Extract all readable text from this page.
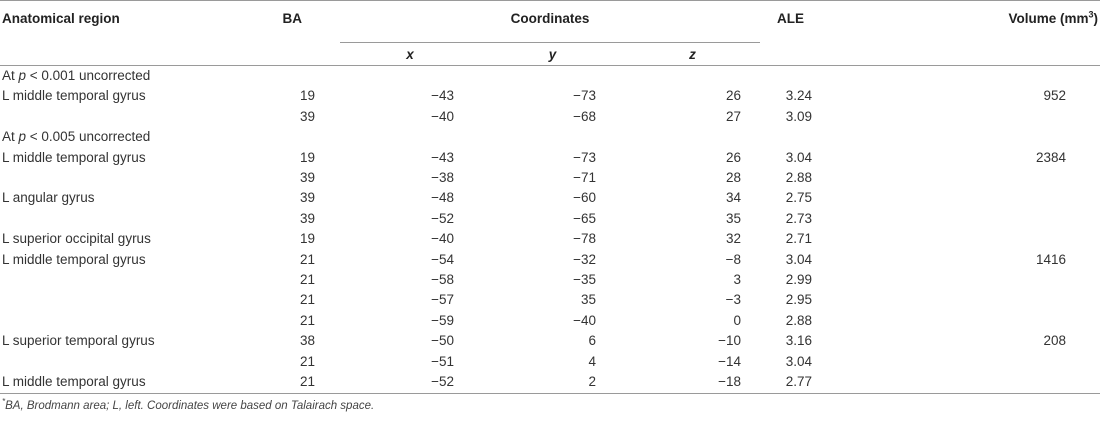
Anatomical region	BA	Coordinates			ALE	Volume $(mm^3)$
		x	y	z		
At p < 0.001 uncorrected						
L middle temporal gyrus	19	−43	−73	26	3.24	952
	39	−40	−68	27	3.09	
At p < 0.005 uncorrected						
L middle temporal gyrus	19	−43	−73	26	3.04	2384
	39	−38	−71	28	2.88	
L angular gyrus	39	−48	−60	34	2.75	
	39	−52	−65	35	2.73	
L superior occipital gyrus	19	−40	−78	32	2.71	
L middle temporal gyrus	21	−54	−32	−8	3.04	1416
	21	−58	−35	3	2.99	
	21	−57	35	−3	2.95	
	21	−59	−40	0	2.88	
L superior temporal gyrus	38	−50	6	−10	3.16	208
	21	−51	4	−14	3.04	
L middle temporal gyrus	21	−52	2	−18	2.77	
*BA, Brodmann area; L, left. Coordinates were based on Talairach space.
